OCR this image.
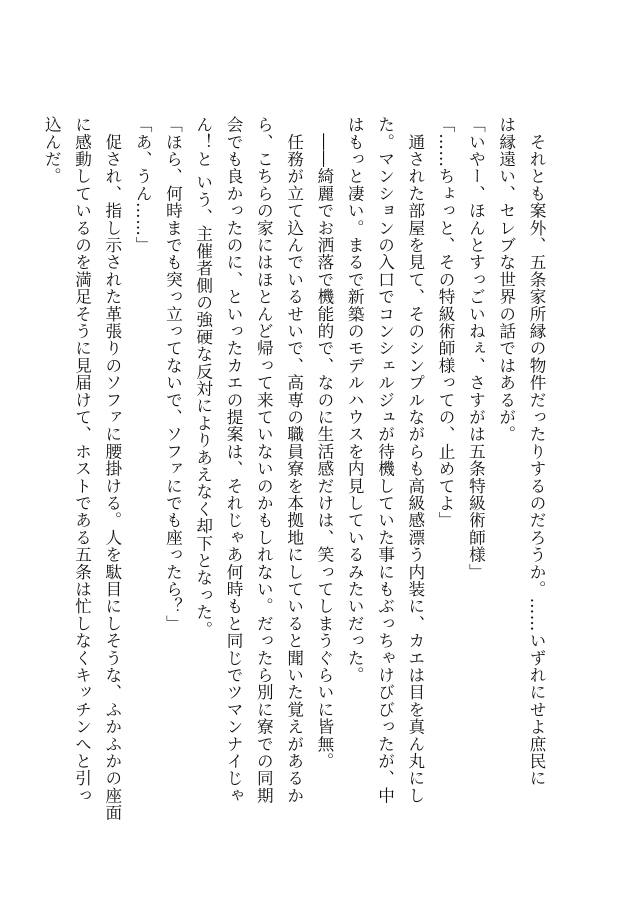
　それとも案外、五条家所縁の物件だったりするのだろうか。……いずれにせよ庶民に
は縁遠い、セレブな世界の話ではあるが。
「いやー、ほんとすっごいねぇ、さすがは五条特級術師様」
「……ちょっと、その特級術師様っての、止めてよ」
　通された部屋を見て、そのシンプルながらも高級感漂う内装に、カエは目を真ん丸にし
た。マンションの入口でコンシェルジュが待機していた事にもぶっちゃけびびったが、中
はもっと凄い。まるで新築のモデルハウスを内見しているみたいだった。
　――綺麗でお洒落で機能的で、なのに生活感だけは、笑ってしまうぐらいに皆無。
　任務が立て込んでいるせいで、高専の職員寮を本拠地にしていると聞いた覚えがあるか
ら、こちらの家にはほとんど帰って来ていないのかもしれない。だったら別に寮での同期
会でも良かったのに、といったカエの提案は、それじゃあ何時もと同じでツマンナイじゃ
ん！と いう、主催者側の強硬な反対によりあえなく却下となった。
「ほら、何時までも突っ立ってないで、ソファにでも座ったら？」
「あ、うん……」
　促され、指し示された革張りのソファに腰掛ける。人を駄目にしそうな、ふかふかの座面
に感動しているのを満足そうに見届けて、ホストである五条は忙しなくキッチンへと引っ
込んだ。
